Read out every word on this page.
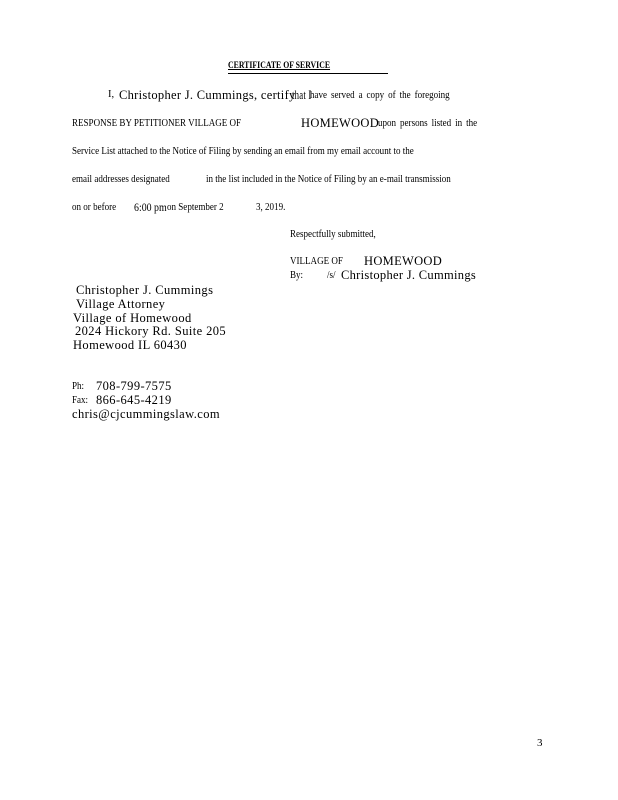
CERTIFICATE OF SERVICE
I, Christopher J. Cummings, certify
that I
have served a copy of the foregoing
RESPONSE BY PETITIONER VILLAGE OF	HOMEWOOD
upon persons listed in the
Service List attached to the Notice of Filing by sending an email from my email account to the
email addresses designated	in the list included in the Notice of Filing by an e-mail transmission
on or before 6:00 pm on September 2	3, 2019.
Respectfully submitted,
VILLAGE OF HOMEWOOD
By: /s/ Christopher J. Cummings
Christopher J. Cummings
Village Attorney
Village of Homewood
2024 Hickory Rd. Suite 205
Homewood IL 60430
Ph: 708-799-7575
Fax: 866-645-4219
chris@cjcummingslaw.com
3
